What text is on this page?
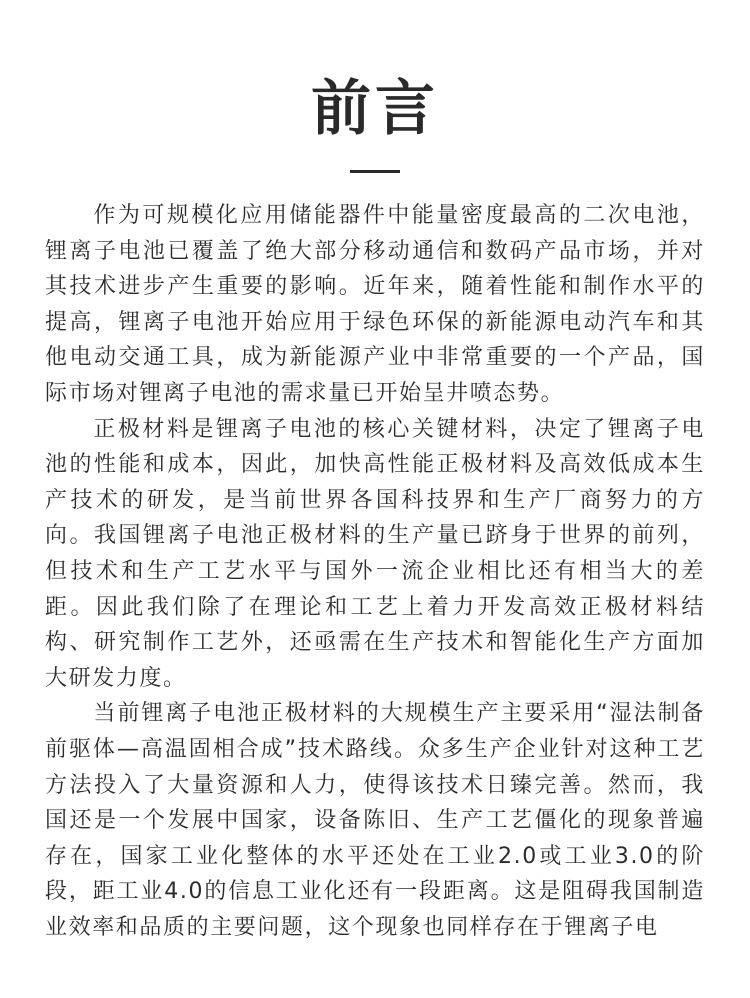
前言

作为可规模化应用储能器件中能量密度最高的二次电池，锂离子电池已覆盖了绝大部分移动通信和数码产品市场，并对其技术进步产生重要的影响。近年来，随着性能和制作水平的提高，锂离子电池开始应用于绿色环保的新能源电动汽车和其他电动交通工具，成为新能源产业中非常重要的一个产品，国际市场对锂离子电池的需求量已开始呈井喷态势。

正极材料是锂离子电池的核心关键材料，决定了锂离子电池的性能和成本，因此，加快高性能正极材料及高效低成本生产技术的研发，是当前世界各国科技界和生产厂商努力的方向。我国锂离子电池正极材料的生产量已跻身于世界的前列，但技术和生产工艺水平与国外一流企业相比还有相当大的差距。因此我们除了在理论和工艺上着力开发高效正极材料结构、研究制作工艺外，还亟需在生产技术和智能化生产方面加大研发力度。

当前锂离子电池正极材料的大规模生产主要采用“湿法制备前驱体—高温固相合成”技术路线。众多生产企业针对这种工艺方法投入了大量资源和人力，使得该技术日臻完善。然而，我国还是一个发展中国家，设备陈旧、生产工艺僵化的现象普遍存在，国家工业化整体的水平还处在工业2.0或工业3.0的阶段，距工业4.0的信息工业化还有一段距离。这是阻碍我国制造业效率和品质的主要问题，这个现象也同样存在于锂离子电
